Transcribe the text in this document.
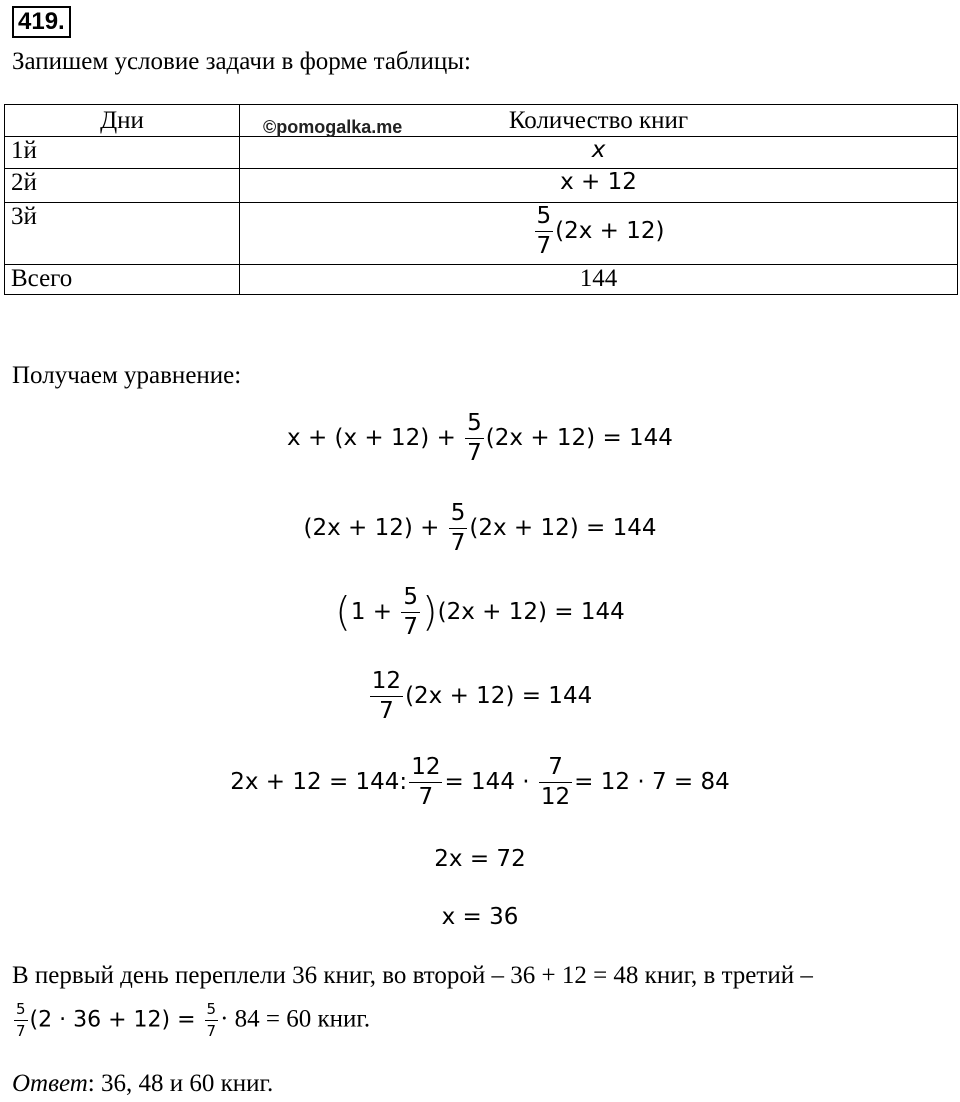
419.
Запишем условие задачи в форме таблицы:
Дни	Количество книг
1й	x
2й	x + 12
3й	$\frac{5}{7} (2x + 12)$
Всего	144
©pomogalka.me
Получаем уравнение:
$x + (x + 12) + \frac{5}{7} (2x + 12) = 144$
$(2x + 12) + \frac{5}{7} (2x + 12) = 144$
$(1 + \frac{5}{7} )(2x + 12) = 144$
$\frac{12}{7} (2x + 12) = 144$
2x + 12 = 144: $\frac{12}{7} = 144 \cdot \frac{7}{12} = 12 \cdot 7 = 84$
2x = 72
x = 36
В первый день переплели 36 книг, во второй – 36 + 12 = 48 книг, в третий –
$\frac{5}{7} (2 \cdot 36 + 12) = \frac{5}{7} \cdot 84 = 60$ книг.
Ответ: 36, 48 и 60 книг.
